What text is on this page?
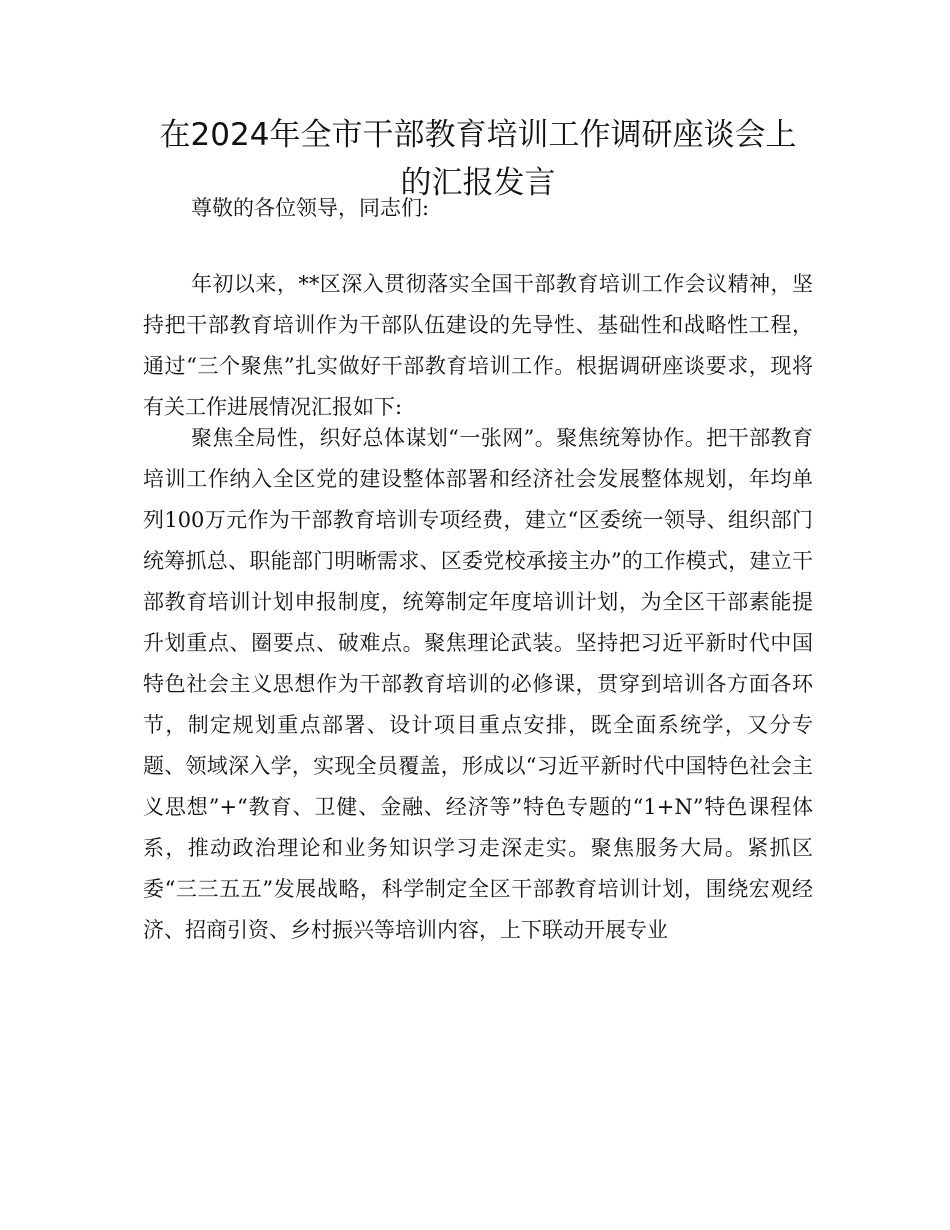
在2024年全市干部教育培训工作调研座谈会上
的汇报发言

尊敬的各位领导，同志们:

年初以来，**区深入贯彻落实全国干部教育培训工作会议精神，坚持把干部教育培训作为干部队伍建设的先导性、基础性和战略性工程，通过“三个聚焦”扎实做好干部教育培训工作。根据调研座谈要求，现将有关工作进展情况汇报如下:

聚焦全局性，织好总体谋划“一张网”。聚焦统筹协作。把干部教育培训工作纳入全区党的建设整体部署和经济社会发展整体规划，年均单列100万元作为干部教育培训专项经费，建立“区委统一领导、组织部门统筹抓总、职能部门明晰需求、区委党校承接主办”的工作模式，建立干部教育培训计划申报制度，统筹制定年度培训计划，为全区干部素能提升划重点、圈要点、破难点。聚焦理论武装。坚持把习近平新时代中国特色社会主义思想作为干部教育培训的必修课，贯穿到培训各方面各环节，制定规划重点部署、设计项目重点安排，既全面系统学，又分专题、领域深入学，实现全员覆盖，形成以“习近平新时代中国特色社会主义思想”+“教育、卫健、金融、经济等”特色专题的“1+N”特色课程体系，推动政治理论和业务知识学习走深走实。聚焦服务大局。紧抓区委“三三五五”发展战略，科学制定全区干部教育培训计划，围绕宏观经济、招商引资、乡村振兴等培训内容，上下联动开展专业
